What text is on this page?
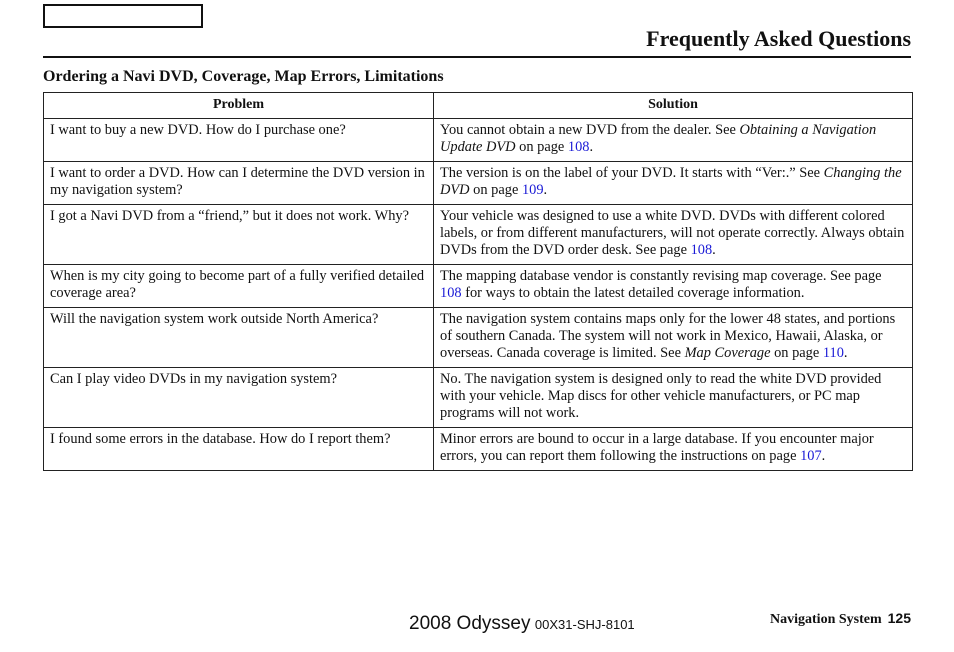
Frequently Asked Questions
Ordering a Navi DVD, Coverage, Map Errors, Limitations
Problem	Solution
I want to buy a new DVD. How do I purchase one?	You cannot obtain a new DVD from the dealer. See Obtaining a Navigation Update DVD on page 108.
I want to order a DVD. How can I determine the DVD version in my navigation system?	The version is on the label of your DVD. It starts with “Ver:.” See Changing the DVD on page 109.
I got a Navi DVD from a “friend,” but it does not work. Why?	Your vehicle was designed to use a white DVD. DVDs with different colored labels, or from different manufacturers, will not operate correctly. Always obtain DVDs from the DVD order desk. See page 108.
When is my city going to become part of a fully verified detailed coverage area?	The mapping database vendor is constantly revising map coverage. See page 108 for ways to obtain the latest detailed coverage information.
Will the navigation system work outside North America?	The navigation system contains maps only for the lower 48 states, and portions of southern Canada. The system will not work in Mexico, Hawaii, Alaska, or overseas. Canada coverage is limited. See Map Coverage on page 110.
Can I play video DVDs in my navigation system?	No. The navigation system is designed only to read the white DVD provided with your vehicle. Map discs for other vehicle manufacturers, or PC map programs will not work.
I found some errors in the database. How do I report them?	Minor errors are bound to occur in a large database. If you encounter major errors, you can report them following the instructions on page 107.
2008 Odyssey 00X31-SHJ-8101	Navigation System 125
